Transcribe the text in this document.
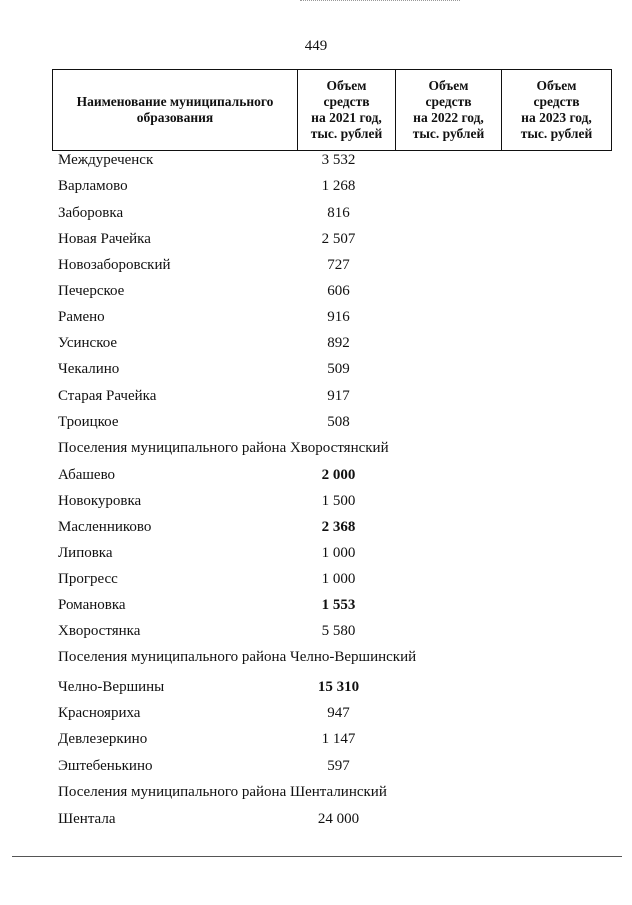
449
Наименование муниципального образования	Объем
средств
на 2021 год,
тыс. рублей	Объем
средств
на 2022 год,
тыс. рублей	Объем
средств
на 2023 год,
тыс. рублей
Междуреченск	3 532
Варламово	1 268
Заборовка	816
Новая Рачейка	2 507
Новозаборовский	727
Печерское	606
Рамено	916
Усинское	892
Чекалино	509
Старая Рачейка	917
Троицкое	508
Поселения муниципального района Хворостянский
Абашево	2 000
Новокуровка	1 500
Масленниково	2 368
Липовка	1 000
Прогресс	1 000
Романовка	1 553
Хворостянка	5 580
Поселения муниципального района Челно-Вершинский
Челно-Вершины	15 310
Краснояриха	947
Девлезеркино	1 147
Эштебенькино	597
Поселения муниципального района Шенталинский
Шентала	24 000
